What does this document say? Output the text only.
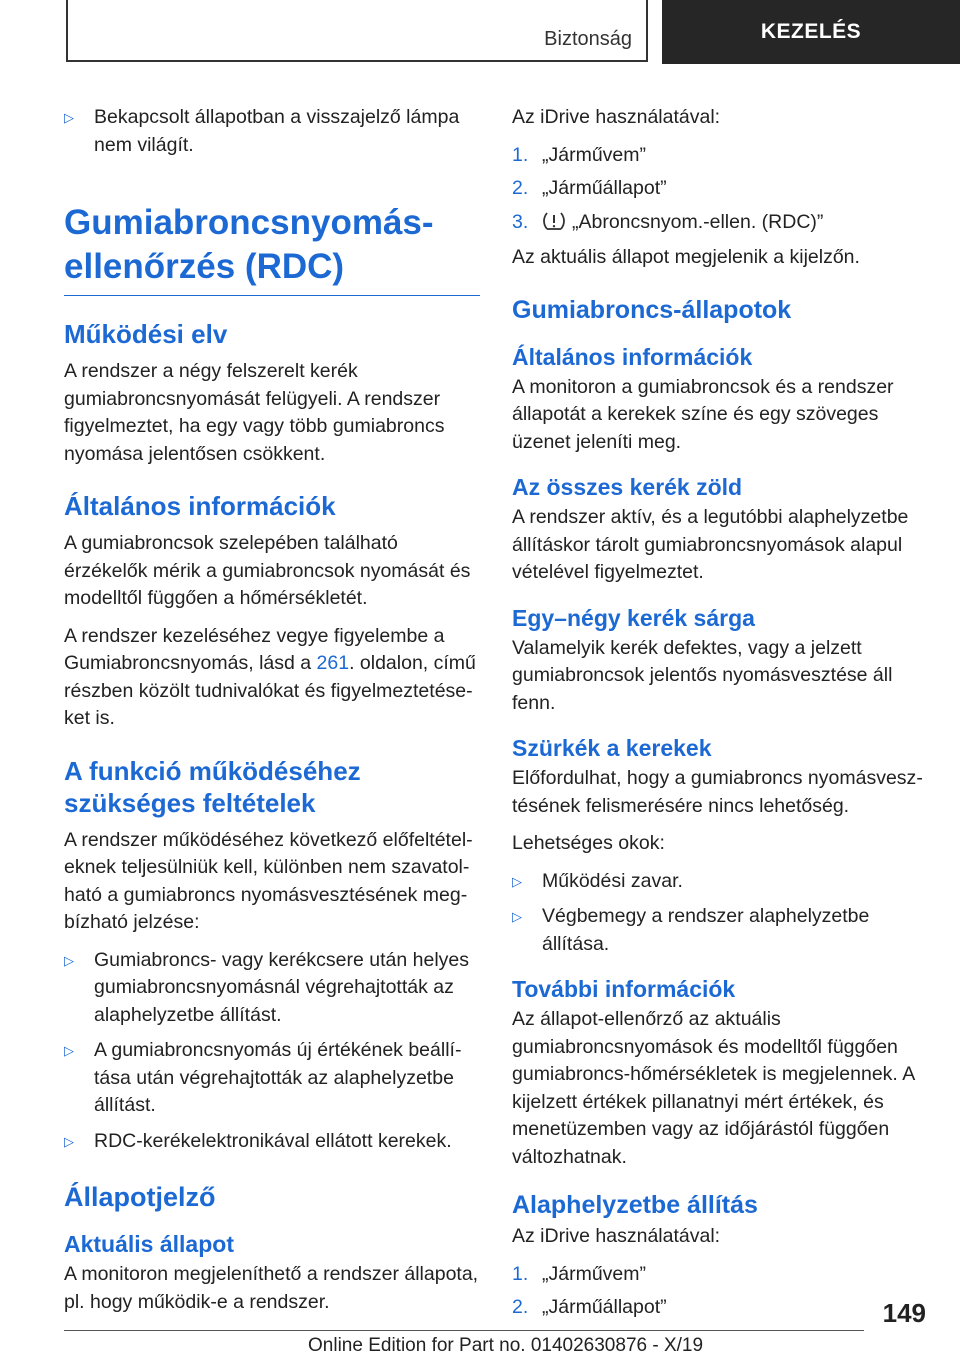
Biztonság	KEZELÉS
▷ Bekapcsolt állapotban a visszajelző lámpa nem világít.
Gumiabroncsnyomás-
ellenőrzés (RDC)
Működési elv

A rendszer a négy felszerelt kerék gumiabroncsnyomását felügyeli. A rendszer figyelmeztet, ha egy vagy több gumiabroncs nyomása jelentősen csökkent.

Általános információk

A gumiabroncsok szelepében található érzékelők mérik a gumiabroncsok nyomását és modelltől függően a hőmérsékletét.

A rendszer kezeléséhez vegye figyelembe a Gumiabroncsnyomás, lásd a 261. oldalon, című részben közölt tudnivalókat és figyelmeztetéseket is.

A funkció működéséhez
szükséges feltételek

A rendszer működéséhez következő előfeltételeknek teljesülniük kell, különben nem szavatolható a gumiabroncs nyomásvesztésének megbízható jelzése:

▷ Gumiabroncs- vagy kerékcsere után helyes gumiabroncsnyomásnál végrehajtották az alaphelyzetbe állítást.
▷ A gumiabroncsnyomás új értékének beállítása után végrehajtották az alaphelyzetbe állítást.
▷ RDC-kerékelektronikával ellátott kerekek.
Állapotjelző
Aktuális állapot

A monitoron megjeleníthető a rendszer állapota, pl. hogy működik-e a rendszer.

Az iDrive használatával:

1. „Járművem”
2. „Járműállapot”
3. „Abroncsnyom.-ellen. (RDC)”

Az aktuális állapot megjelenik a kijelzőn.

Gumiabroncs-állapotok
Általános információk

A monitoron a gumiabroncsok és a rendszer állapotát a kerekek színe és egy szöveges üzenet jeleníti meg.

Az összes kerék zöld

A rendszer aktív, és a legutóbbi alaphelyzetbe állításkor tárolt gumiabroncsnyomások alapul vételével figyelmeztet.

Egy–négy kerék sárga

Valamelyik kerék defektes, vagy a jelzett gumiabroncsok jelentős nyomásvesztése áll fenn.

Szürkék a kerekek

Előfordulhat, hogy a gumiabroncs nyomásvesztésének felismerésére nincs lehetőség.

Lehetséges okok:

▷ Működési zavar.
▷ Végbemegy a rendszer alaphelyzetbe állítása.
További információk

Az állapot-ellenőrző az aktuális gumiabroncsnyomások és modelltől függően gumiabroncs-hőmérsékletek is megjelennek. A kijelzett értékek pillanatnyi mért értékek, és menetüzemben vagy az időjárástól függően változhatnak.

Alaphelyzetbe állítás

Az iDrive használatával:

1. „Járművem”
2. „Járműállapot”	149
Online Edition for Part no. 01402630876 - X/19
